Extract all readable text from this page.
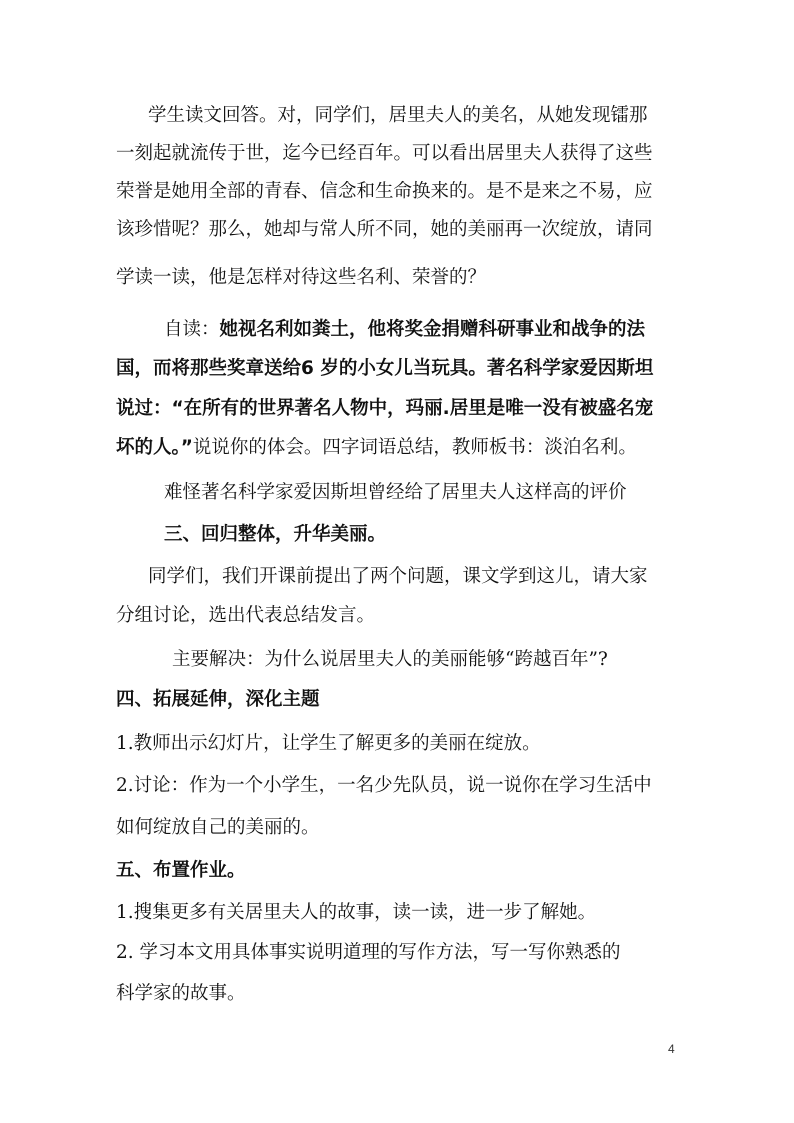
学生读文回答。对，同学们，居里夫人的美名，从她发现镭那
一刻起就流传于世，迄今已经百年。可以看出居里夫人获得了这些
荣誉是她用全部的青春、信念和生命换来的。是不是来之不易，应
该珍惜呢？那么，她却与常人所不同，她的美丽再一次绽放，请同
学读一读，他是怎样对待这些名利、荣誉的？
自读：她视名利如粪土，他将奖金捐赠科研事业和战争的法
国，而将那些奖章送给6 岁的小女儿当玩具。著名科学家爱因斯坦
说过：“在所有的世界著名人物中，玛丽.居里是唯一没有被盛名宠
坏的人。”说说你的体会。四字词语总结，教师板书：淡泊名利。
难怪著名科学家爱因斯坦曾经给了居里夫人这样高的评价
三、回归整体，升华美丽。
同学们，我们开课前提出了两个问题，课文学到这儿，请大家
分组讨论，选出代表总结发言。
主要解决：为什么说居里夫人的美丽能够“跨越百年”?
四、拓展延伸，深化主题
1.教师出示幻灯片，让学生了解更多的美丽在绽放。
2.讨论：作为一个小学生，一名少先队员，说一说你在学习生活中
如何绽放自己的美丽的。
五、布置作业。
1.搜集更多有关居里夫人的故事，读一读，进一步了解她。
2. 学习本文用具体事实说明道理的写作方法，写一写你熟悉的
科学家的故事。
4
